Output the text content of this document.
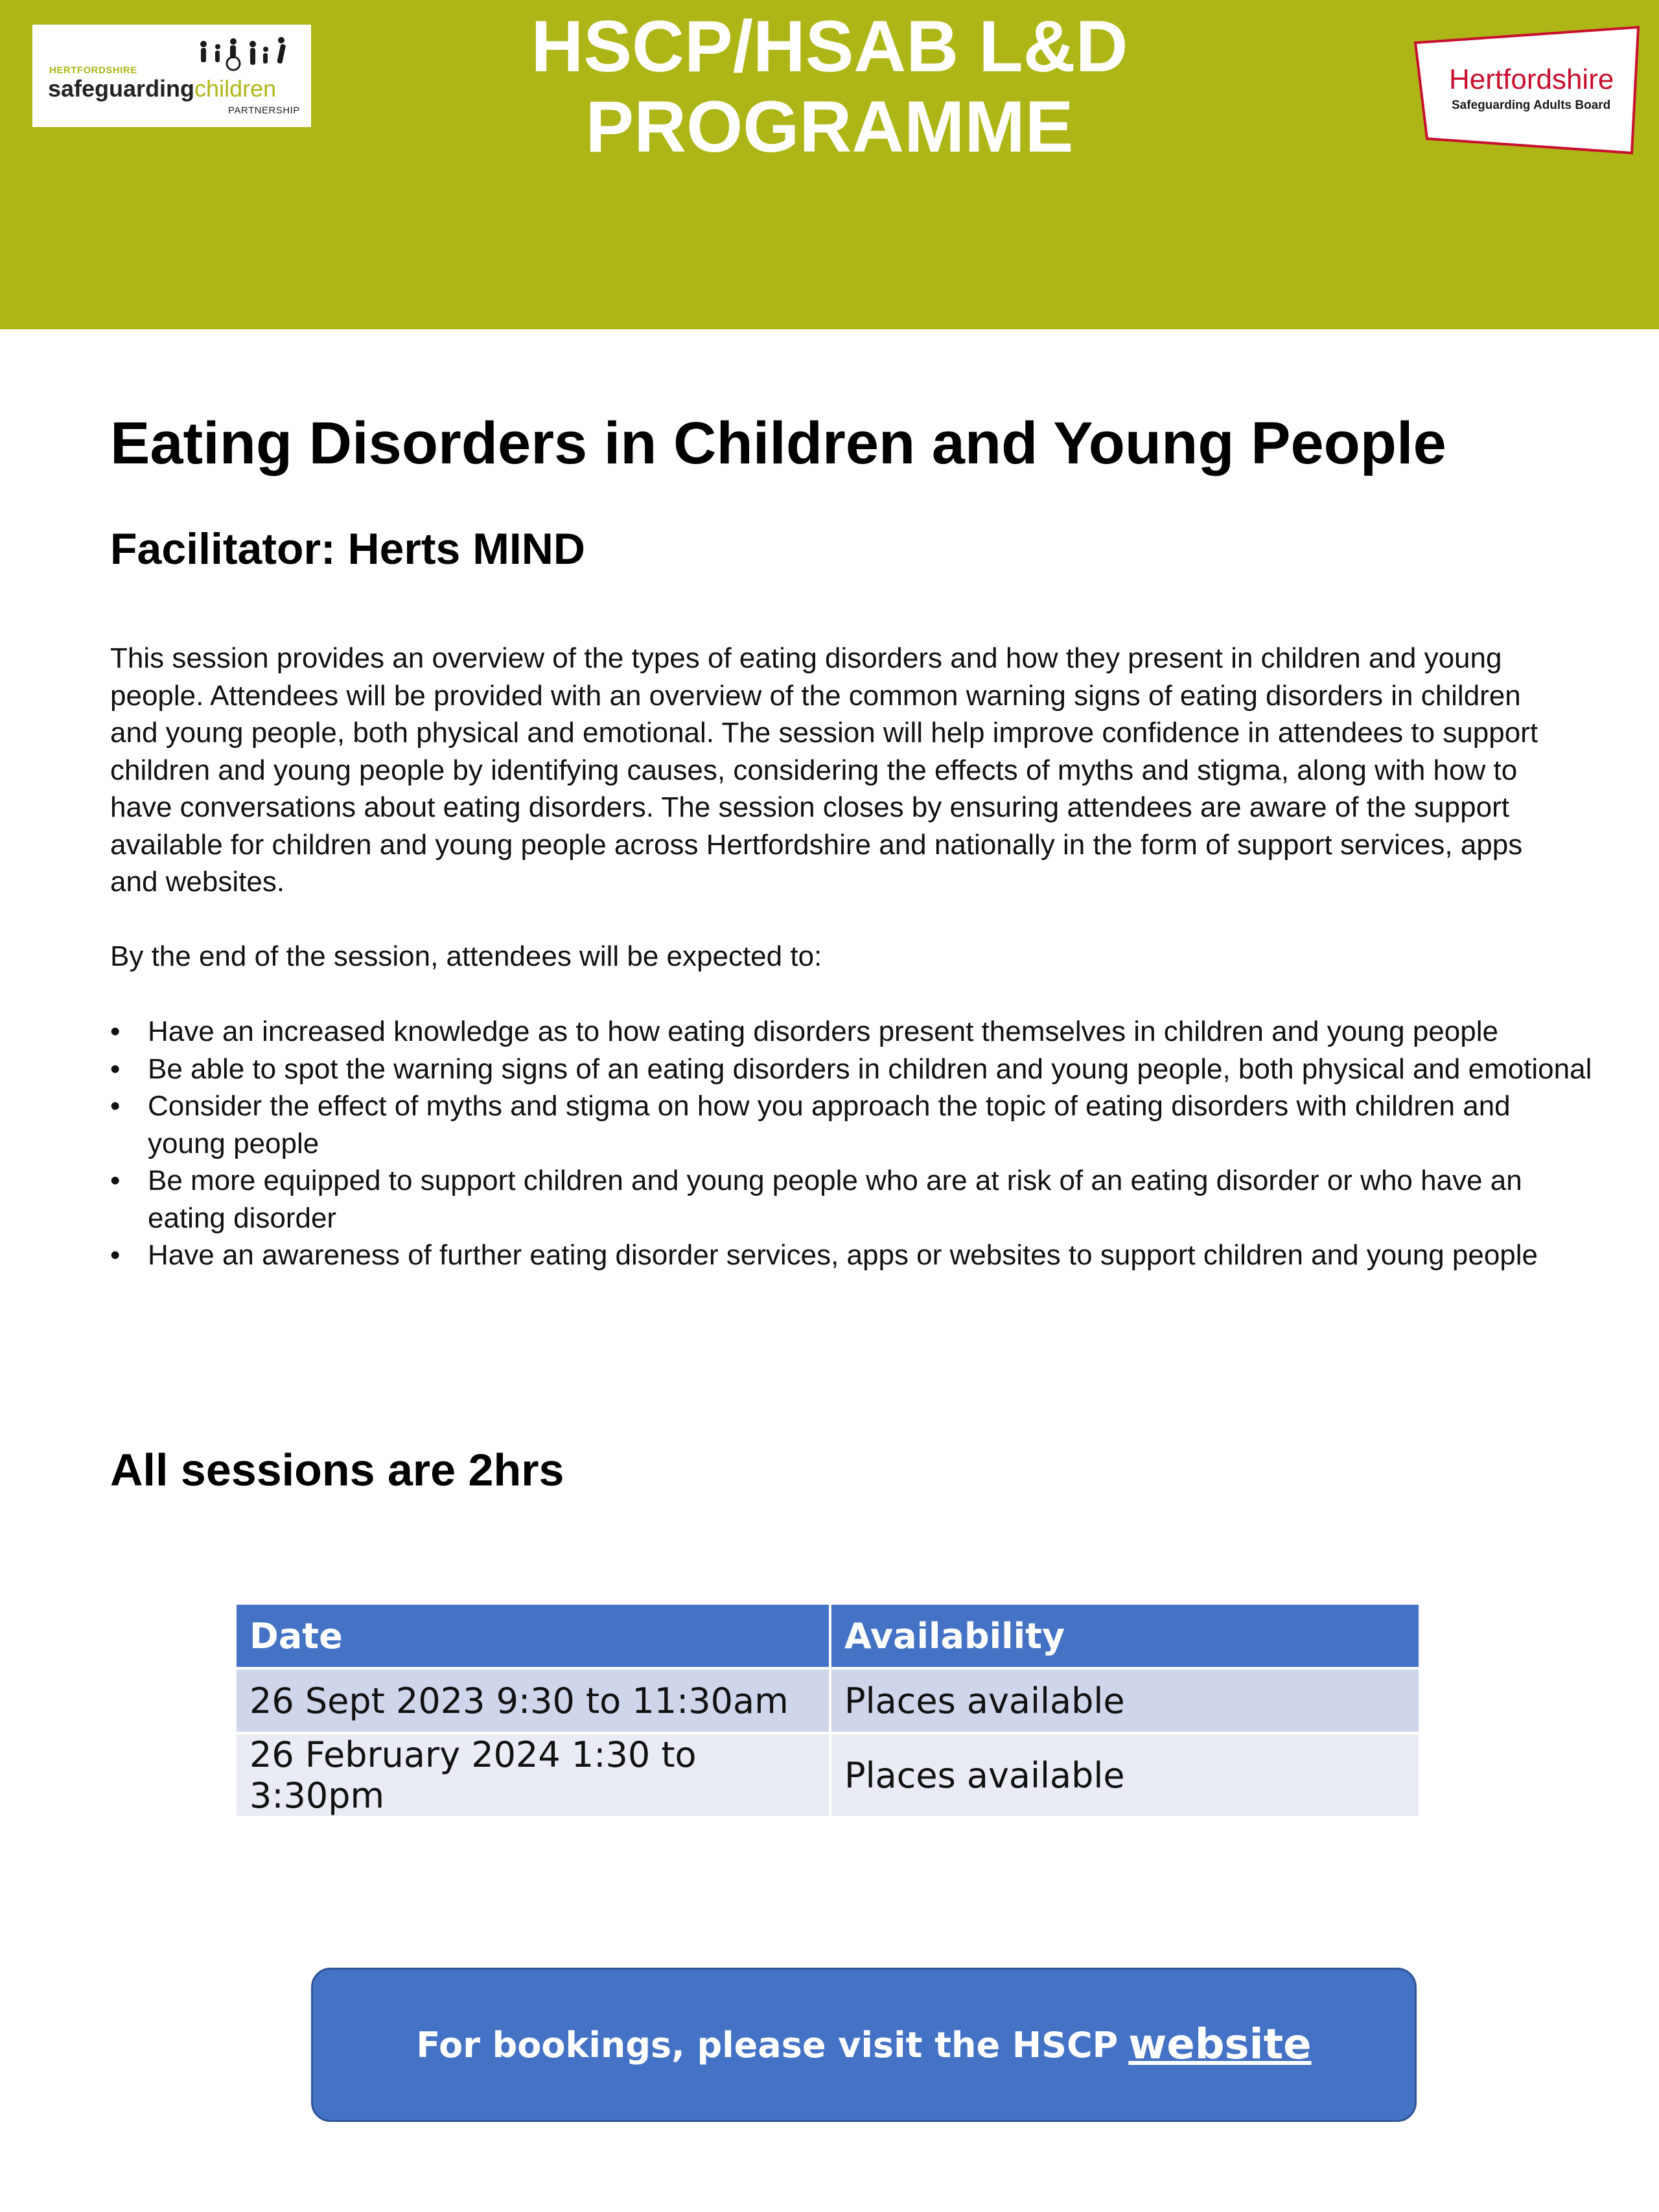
HERTFORDSHIRE
safeguardingchildren
PARTNERSHIP
HSCP/HSAB L&D
PROGRAMME
Hertfordshire
Safeguarding Adults Board
Eating Disorders in Children and Young People
Facilitator: Herts MIND

This session provides an overview of the types of eating disorders and how they present in children and young people. Attendees will be provided with an overview of the common warning signs of eating disorders in children and young people, both physical and emotional. The session will help improve confidence in attendees to support children and young people by identifying causes, considering the effects of myths and stigma, along with how to have conversations about eating disorders. The session closes by ensuring attendees are aware of the support available for children and young people across Hertfordshire and nationally in the form of support services, apps and websites.

By the end of the session, attendees will be expected to:

• Have an increased knowledge as to how eating disorders present themselves in children and young people
• Be able to spot the warning signs of an eating disorders in children and young people, both physical and emotional
• Consider the effect of myths and stigma on how you approach the topic of eating disorders with children and young people
• Be more equipped to support children and young people who are at risk of an eating disorder or who have an eating disorder
• Have an awareness of further eating disorder services, apps or websites to support children and young people
All sessions are 2hrs
Date	Availability
26 Sept 2023 9:30 to 11:30am	Places available
26 February 2024 1:30 to 3:30pm	Places available
For bookings, please visit the HSCP website
